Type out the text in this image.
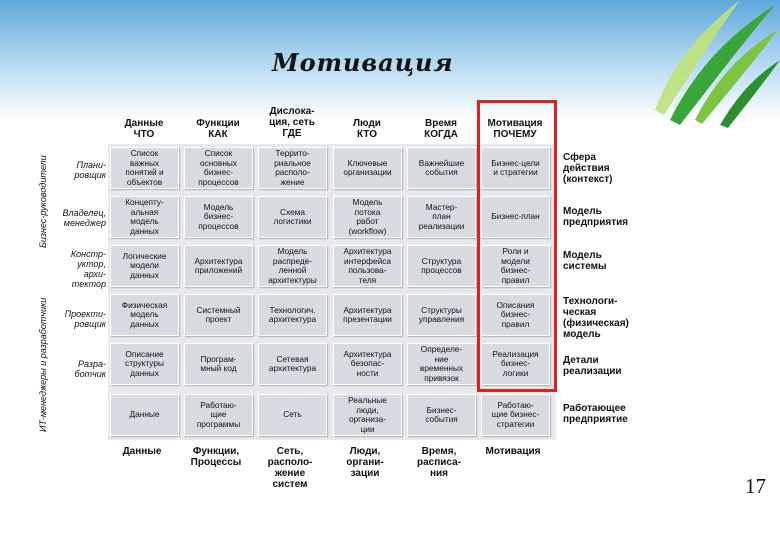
Мотивация
Данные
ЧТО
Функции
КАК
Дислока-
ция, сеть
ГДЕ
Люди
КТО
Время
КОГДА
Мотивация
ПОЧЕМУ
Плани-
ровщик
Владелец,
менеджер
Констр-
уктор,
архи-
тектор
Проекти-
ровщик
Разра-
ботчик
Список
важных
понятий и
объектов
Список
основных
бизнес-
процессов
Террито-
риальное
располо-
жение
Ключевые
организации
Важнейшие
события
Бизнес-цели
и стратегии
Концепту-
альная
модель
данных
Модель
бизнес-
процессов
Схема
логистики
Модель
потока
работ
(workflow)
Мастер-
план
реализации
Бизнес-план
Логические
модели
данных
Архитектура
приложений
Модель
распреде-
ленной
архитектуры
Архитектура
интерфейса
пользова-
теля
Структура
процессов
Роли и
модели
бизнес-
правил
Физическая
модель
данных
Системный
проект
Технологич.
архитектура
Архитектура
презентации
Структуры
управления
Описания
бизнес-
правил
Описание
структуры
данных
Програм-
мный код
Сетевая
архитектура
Архитектура
безопас-
ности
Определе-
ние
временных
привязок
Реализация
бизнес-
логики
Данные
Работаю-
щие
программы
Сеть
Реальные
люди,
организа-
ции
Бизнес-
события
Работаю-
щие бизнес-
стратегии
Сфера
действия
(контекст)
Модель
предприятия
Модель
системы
Технологи-
ческая
(физическая)
модель
Детали
реализации
Работающее
предприятие
Данные	Функции,
Процессы
Сеть,
располо-
жение
систем
Люди,
органи-
зации
Время,
расписа-
ния
Мотивация
Бизнес-руководители
ИТ-менеджеры и разработчики
17
